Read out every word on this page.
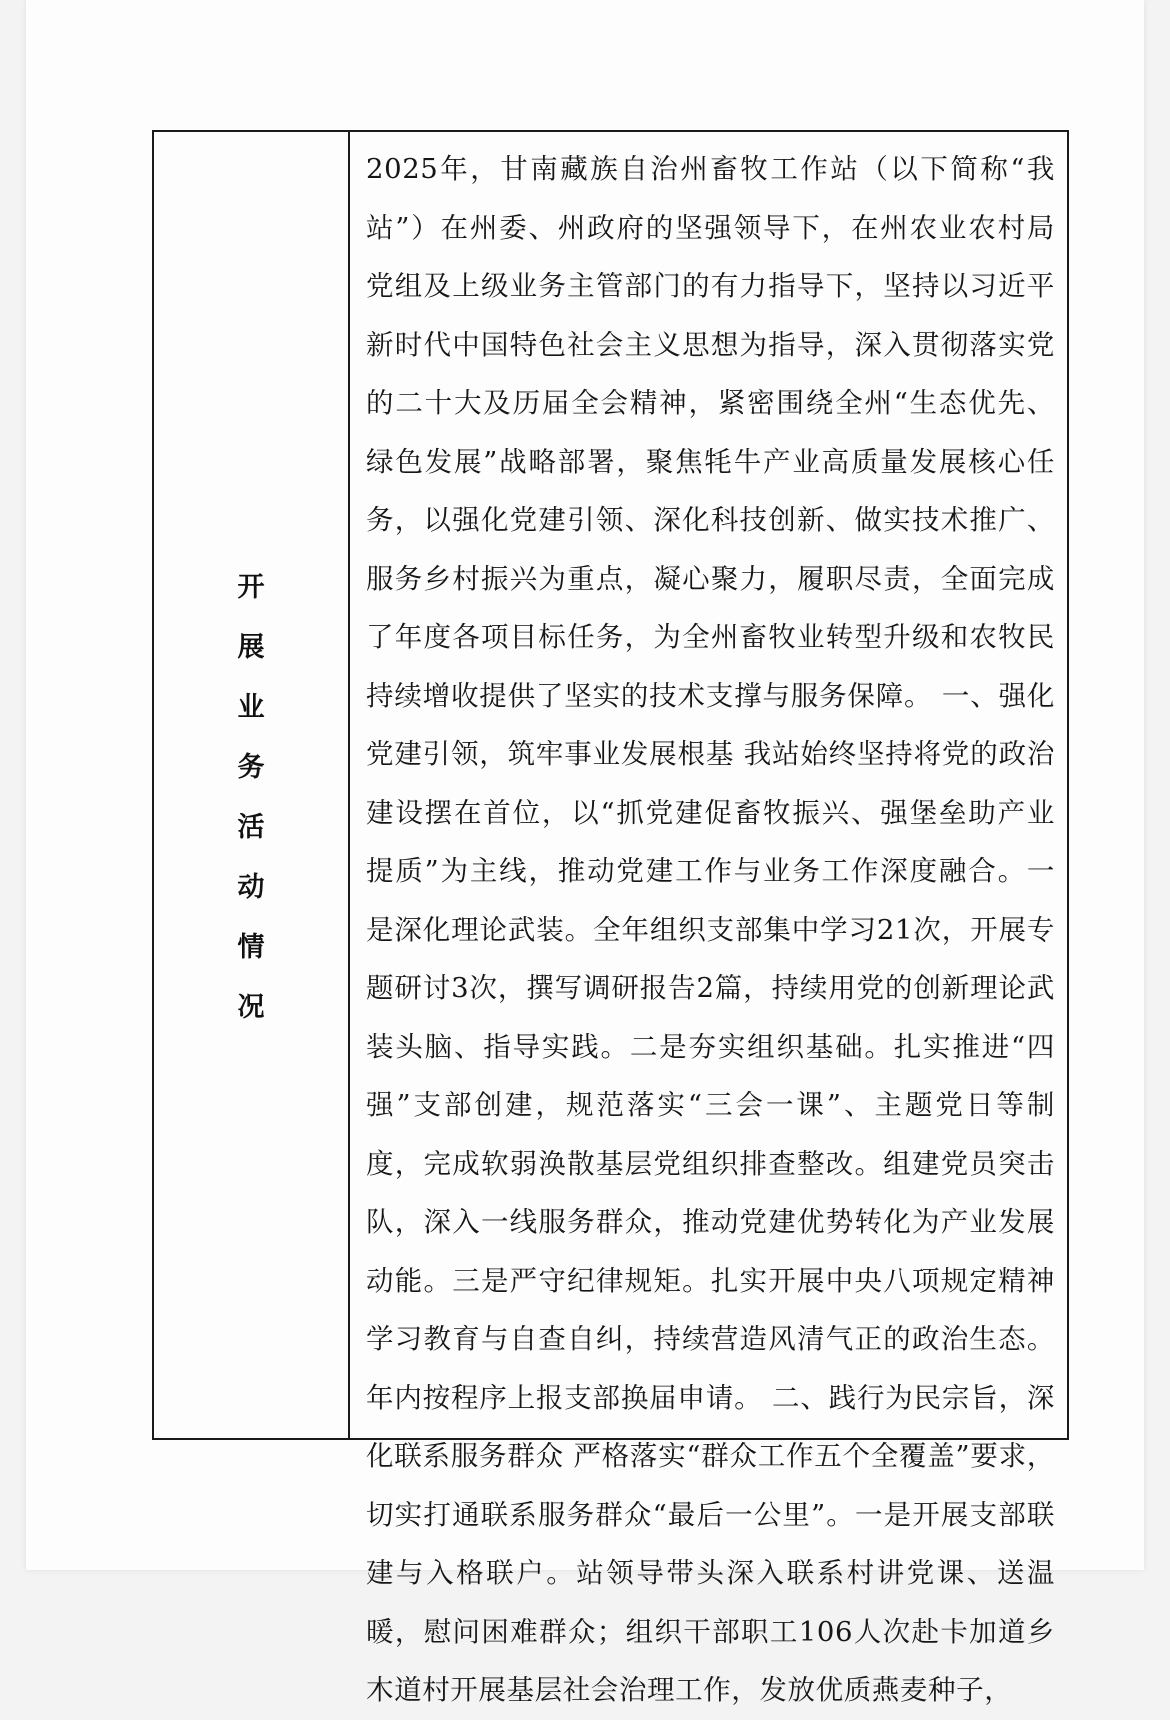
开
展
业
务
活
动
情
况

2025年，甘南藏族自治州畜牧工作站（以下简称“我站”）在州委、州政府的坚强领导下，在州农业农村局党组及上级业务主管部门的有力指导下，坚持以习近平新时代中国特色社会主义思想为指导，深入贯彻落实党的二十大及历届全会精神，紧密围绕全州“生态优先、绿色发展”战略部署，聚焦牦牛产业高质量发展核心任务，以强化党建引领、深化科技创新、做实技术推广、服务乡村振兴为重点，凝心聚力，履职尽责，全面完成了年度各项目标任务，为全州畜牧业转型升级和农牧民持续增收提供了坚实的技术支撑与服务保障。 一、强化党建引领，筑牢事业发展根基 我站始终坚持将党的政治建设摆在首位，以“抓党建促畜牧振兴、强堡垒助产业提质”为主线，推动党建工作与业务工作深度融合。一是深化理论武装。全年组织支部集中学习21次，开展专题研讨3次，撰写调研报告2篇，持续用党的创新理论武装头脑、指导实践。二是夯实组织基础。扎实推进“四强”支部创建，规范落实“三会一课”、主题党日等制度，完成软弱涣散基层党组织排查整改。组建党员突击队，深入一线服务群众，推动党建优势转化为产业发展动能。三是严守纪律规矩。扎实开展中央八项规定精神学习教育与自查自纠，持续营造风清气正的政治生态。年内按程序上报支部换届申请。 二、践行为民宗旨，深化联系服务群众 严格落实“群众工作五个全覆盖”要求，切实打通联系服务群众“最后一公里”。一是开展支部联建与入格联户。站领导带头深入联系村讲党课、送温暖，慰问困难群众；组织干部职工106人次赴卡加道乡木道村开展基层社会治理工作，发放优质燕麦种子，
